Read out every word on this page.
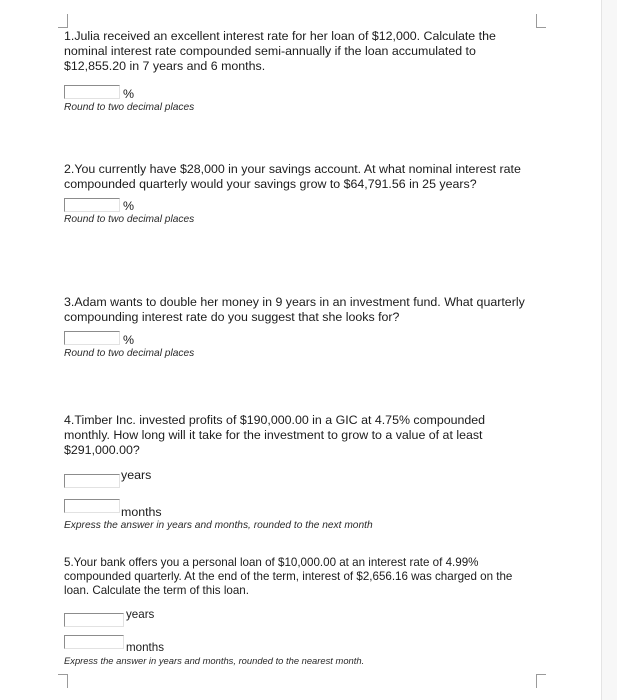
1.Julia received an excellent interest rate for her loan of $12,000. Calculate the nominal interest rate compounded semi-annually if the loan accumulated to $12,855.20 in 7 years and 6 months.

%

Round to two decimal places

2.You currently have $28,000 in your savings account. At what nominal interest rate compounded quarterly would your savings grow to $64,791.56 in 25 years?

%

Round to two decimal places

3.Adam wants to double her money in 9 years in an investment fund. What quarterly compounding interest rate do you suggest that she looks for?

%

Round to two decimal places

4.Timber Inc. invested profits of $190,000.00 in a GIC at 4.75% compounded monthly. How long will it take for the investment to grow to a value of at least $291,000.00?

years
months

Express the answer in years and months, rounded to the next month

5.Your bank offers you a personal loan of $10,000.00 at an interest rate of 4.99% compounded quarterly. At the end of the term, interest of $2,656.16 was charged on the loan. Calculate the term of this loan.

years
months

Express the answer in years and months, rounded to the nearest month.
